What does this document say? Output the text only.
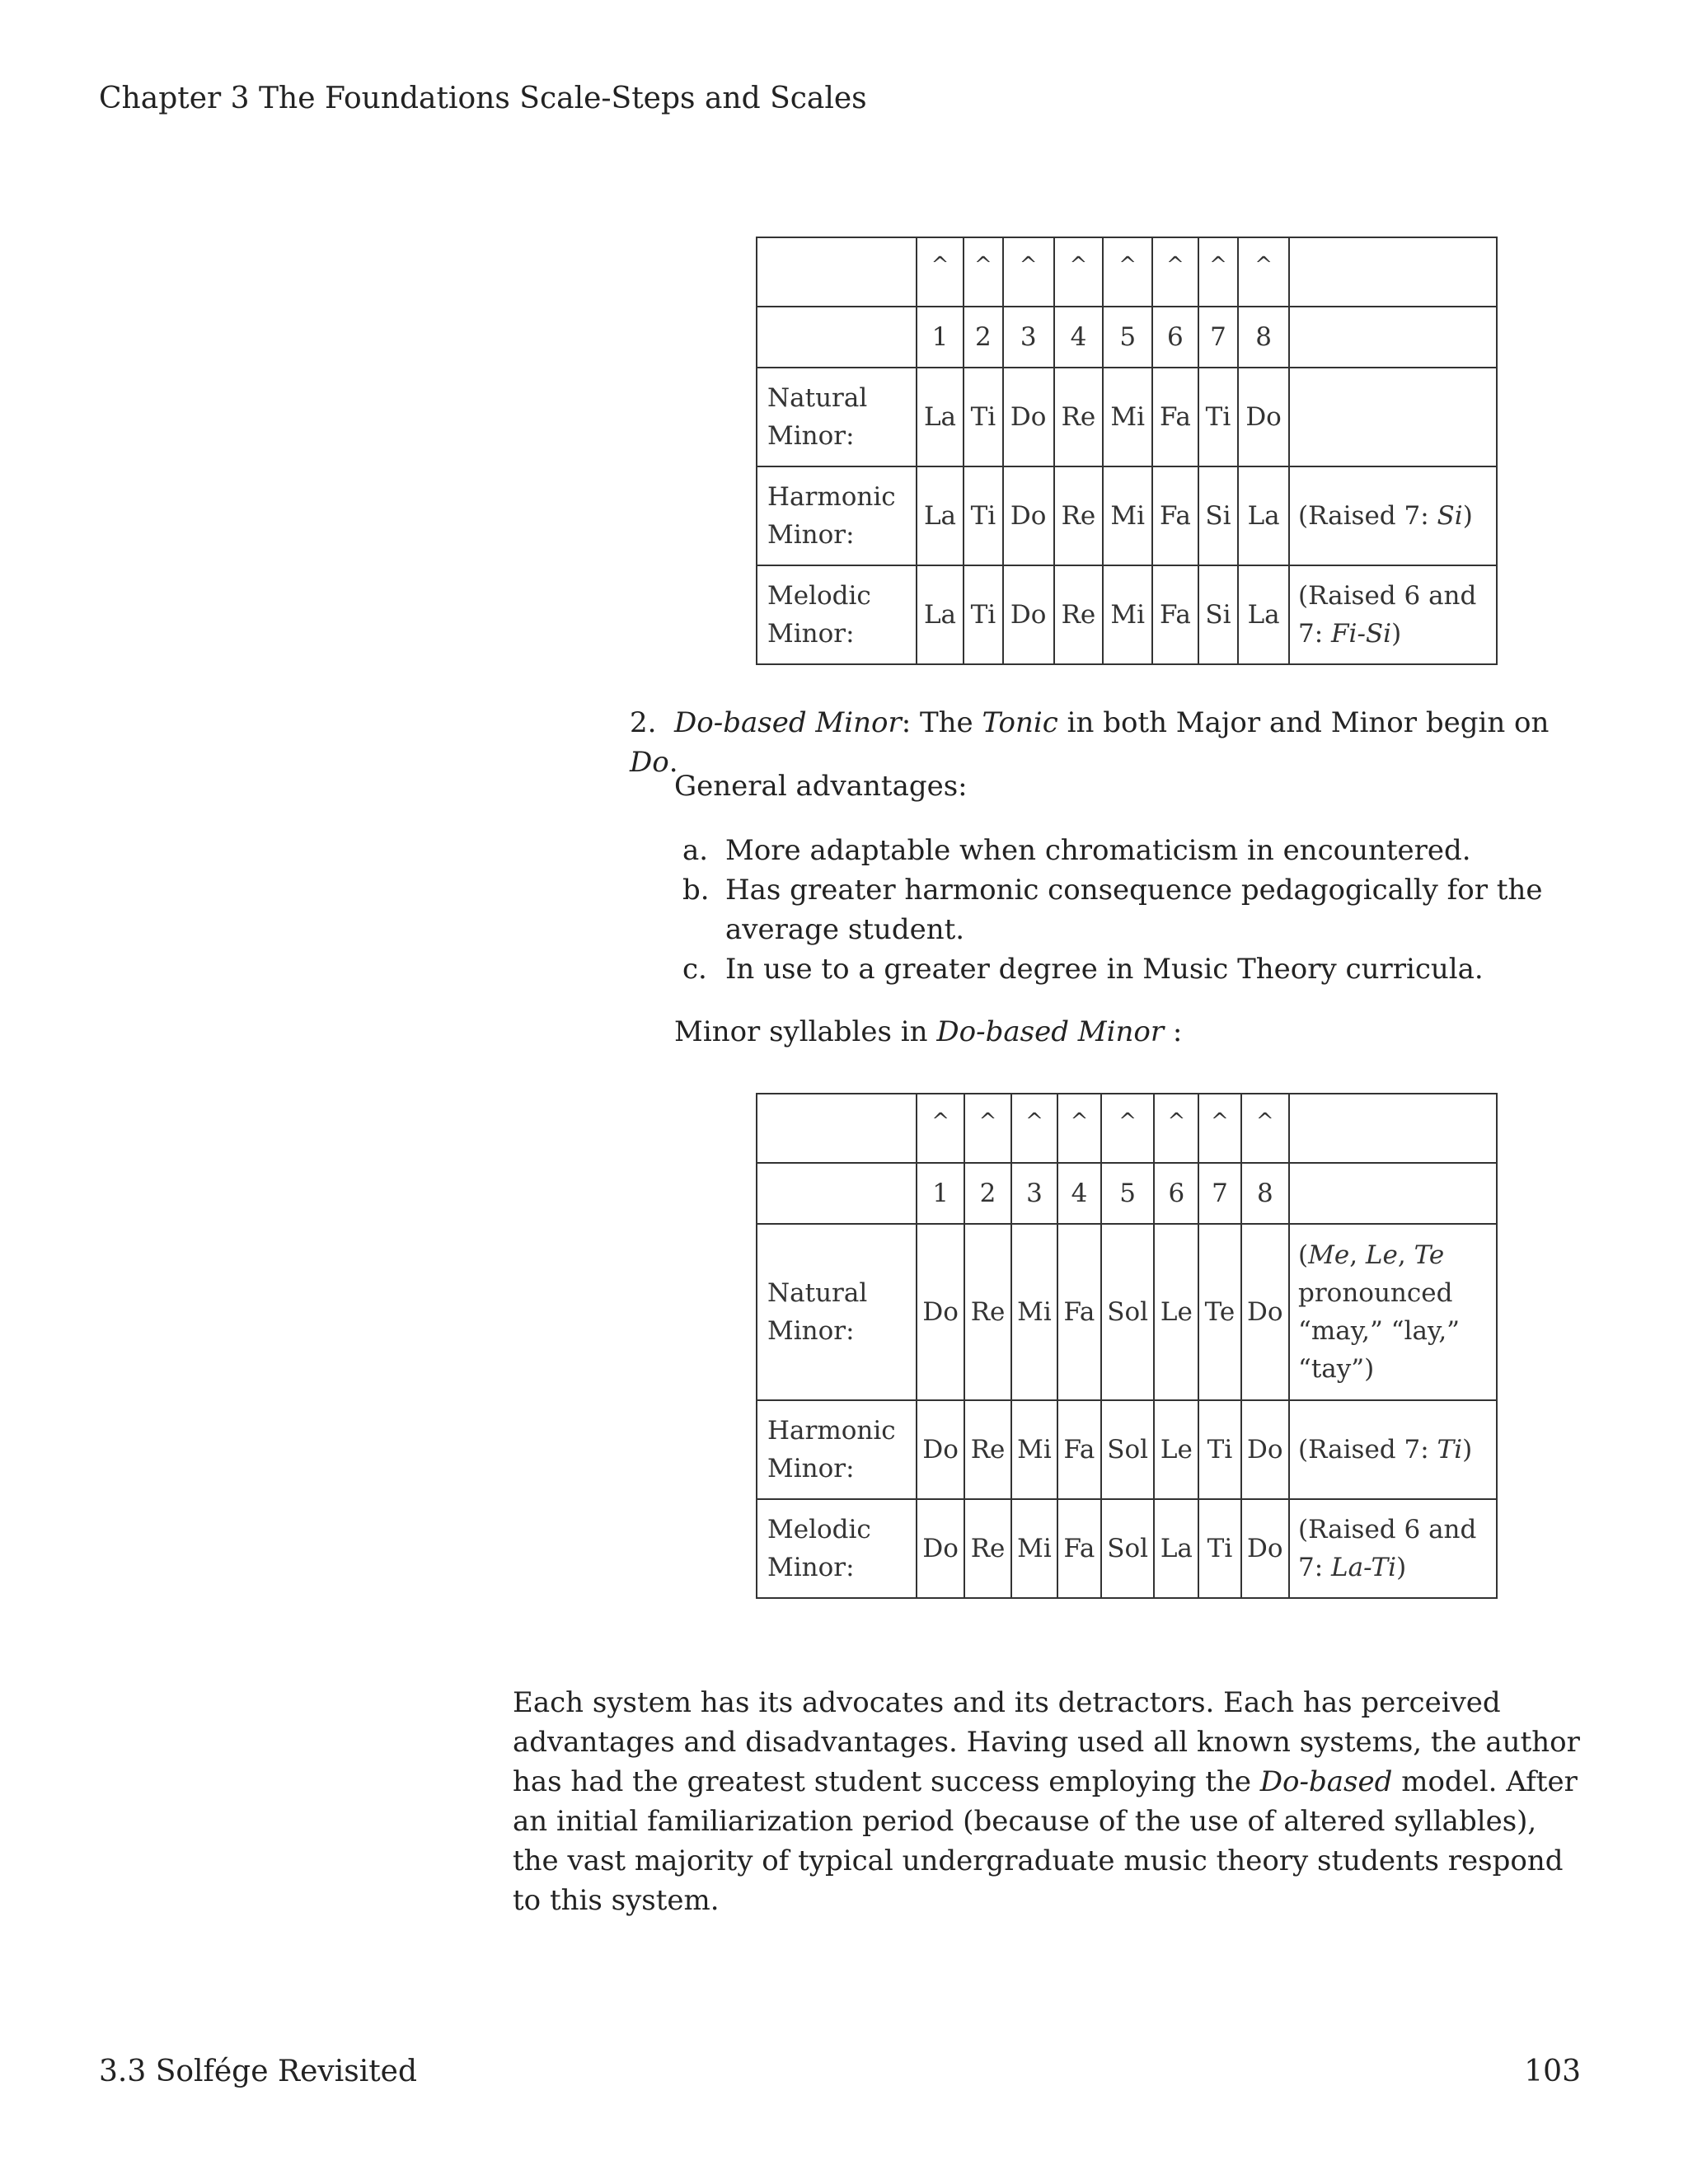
Chapter 3 The Foundations Scale-Steps and Scales
	^	^	^	^	^	^	^	^	
	1	2	3	4	5	6	7	8	
Natural
Minor:	La	Ti	Do	Re	Mi	Fa	Ti	Do	
Harmonic
Minor:	La	Ti	Do	Re	Mi	Fa	Si	La	(Raised 7: Si)
Melodic
Minor:	La	Ti	Do	Re	Mi	Fa	Si	La	(Raised 6 and 7: Fi-Si)
2. Do-based Minor: The Tonic in both Major and Minor begin on Do.
General advantages:
a. More adaptable when chromaticism in encountered.
b. Has greater harmonic consequence pedagogically for the average student.
c. In use to a greater degree in Music Theory curricula.
Minor syllables in Do-based Minor :
	^	^	^	^	^	^	^	^	
	1	2	3	4	5	6	7	8	
Natural
Minor:	Do	Re	Mi	Fa	Sol	Le	Te	Do	(Me, Le, Te pronounced “may,” “lay,” “tay”)
Harmonic
Minor:	Do	Re	Mi	Fa	Sol	Le	Ti	Do	(Raised 7: Ti)
Melodic
Minor:	Do	Re	Mi	Fa	Sol	La	Ti	Do	(Raised 6 and 7: La-Ti)
Each system has its advocates and its detractors. Each has perceived advantages and disadvantages. Having used all known systems, the author has had the greatest student success employing the Do-based model. After an initial familiarization period (because of the use of altered syllables), the vast majority of typical undergraduate music theory students respond to this system.
3.3 Solfége Revisited	103
